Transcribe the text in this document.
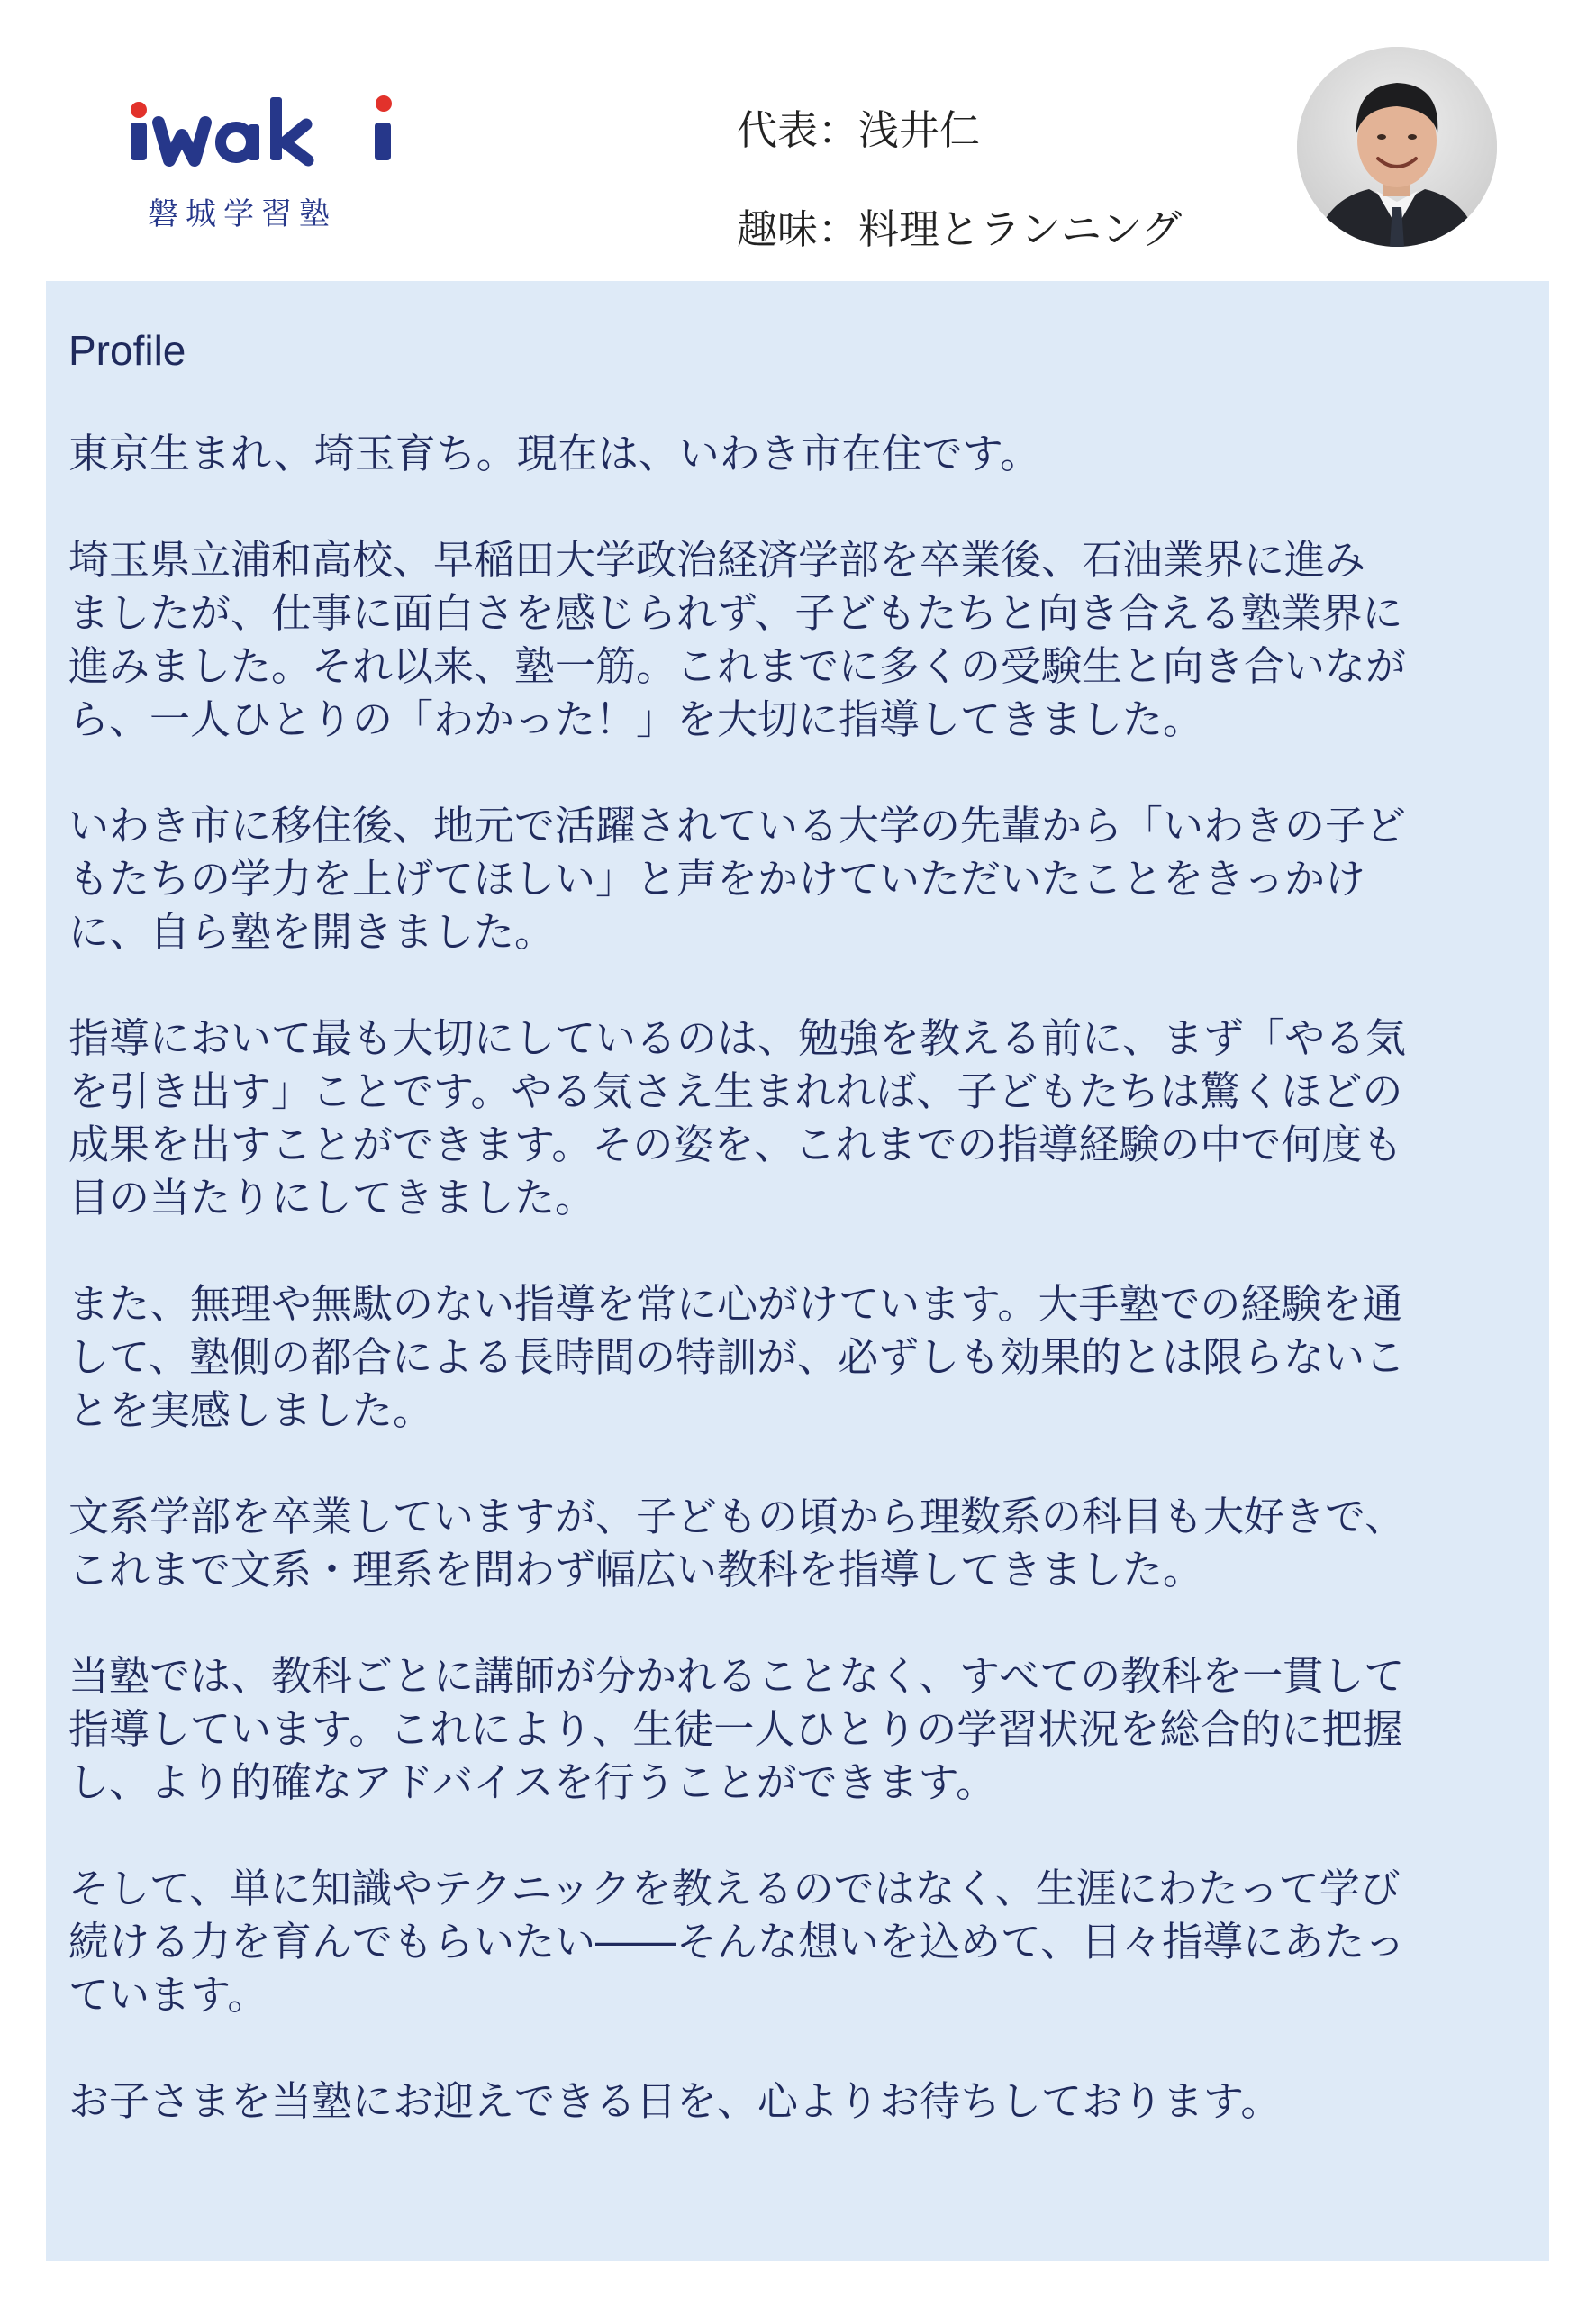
磐城学習塾
代表：浅井仁
趣味：料理とランニング
Profile

東京生まれ、埼玉育ち。現在は、いわき市在住です。

埼玉県立浦和高校、早稲田大学政治経済学部を卒業後、石油業界に進み
ましたが、仕事に面白さを感じられず、子どもたちと向き合える塾業界に
進みました。それ以来、塾一筋。これまでに多くの受験生と向き合いなが
ら、一人ひとりの「わかった！」を大切に指導してきました。

いわき市に移住後、地元で活躍されている大学の先輩から「いわきの子ど
もたちの学力を上げてほしい」と声をかけていただいたことをきっかけ
に、自ら塾を開きました。

指導において最も大切にしているのは、勉強を教える前に、まず「やる気
を引き出す」ことです。やる気さえ生まれれば、子どもたちは驚くほどの
成果を出すことができます。その姿を、これまでの指導経験の中で何度も
目の当たりにしてきました。

また、無理や無駄のない指導を常に心がけています。大手塾での経験を通
して、塾側の都合による長時間の特訓が、必ずしも効果的とは限らないこ
とを実感しました。

文系学部を卒業していますが、子どもの頃から理数系の科目も大好きで、
これまで文系・理系を問わず幅広い教科を指導してきました。

当塾では、教科ごとに講師が分かれることなく、すべての教科を一貫して
指導しています。これにより、生徒一人ひとりの学習状況を総合的に把握
し、より的確なアドバイスを行うことができます。

そして、単に知識やテクニックを教えるのではなく、生涯にわたって学び
続ける力を育んでもらいたい――そんな想いを込めて、日々指導にあたっ
ています。

お子さまを当塾にお迎えできる日を、心よりお待ちしております。
